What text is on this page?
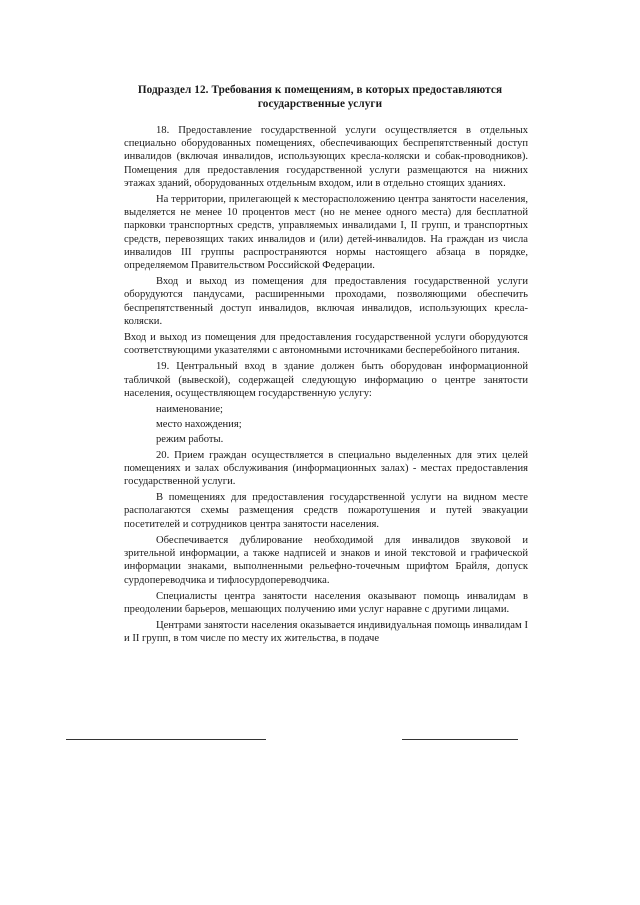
Подраздел 12. Требования к помещениям, в которых предоставляются государственные услуги

18. Предоставление государственной услуги осуществляется в отдельных специально оборудованных помещениях, обеспечивающих беспрепятственный доступ инвалидов (включая инвалидов, использующих кресла-коляски и собак-проводников). Помещения для предоставления государственной услуги размещаются на нижних этажах зданий, оборудованных отдельным входом, или в отдельно стоящих зданиях.

На территории, прилегающей к месторасположению центра занятости населения, выделяется не менее 10 процентов мест (но не менее одного места) для бесплатной парковки транспортных средств, управляемых инвалидами I, II групп, и транспортных средств, перевозящих таких инвалидов и (или) детей-инвалидов. На граждан из числа инвалидов III группы распространяются нормы настоящего абзаца в порядке, определяемом Правительством Российской Федерации.

Вход и выход из помещения для предоставления государственной услуги оборудуются пандусами, расширенными проходами, позволяющими обеспечить беспрепятственный доступ инвалидов, включая инвалидов, использующих кресла-коляски.

Вход и выход из помещения для предоставления государственной услуги оборудуются соответствующими указателями с автономными источниками бесперебойного питания.

19. Центральный вход в здание должен быть оборудован информационной табличкой (вывеской), содержащей следующую информацию о центре занятости населения, осуществляющем государственную услугу:

наименование;

место нахождения;

режим работы.

20. Прием граждан осуществляется в специально выделенных для этих целей помещениях и залах обслуживания (информационных залах) - местах предоставления государственной услуги.

В помещениях для предоставления государственной услуги на видном месте располагаются схемы размещения средств пожаротушения и путей эвакуации посетителей и сотрудников центра занятости населения.

Обеспечивается дублирование необходимой для инвалидов звуковой и зрительной информации, а также надписей и знаков и иной текстовой и графической информации знаками, выполненными рельефно-точечным шрифтом Брайля, допуск сурдопереводчика и тифлосурдопереводчика.

Специалисты центра занятости населения оказывают помощь инвалидам в преодолении барьеров, мешающих получению ими услуг наравне с другими лицами.

Центрами занятости населения оказывается индивидуальная помощь инвалидам I и II групп, в том числе по месту их жительства, в подаче
